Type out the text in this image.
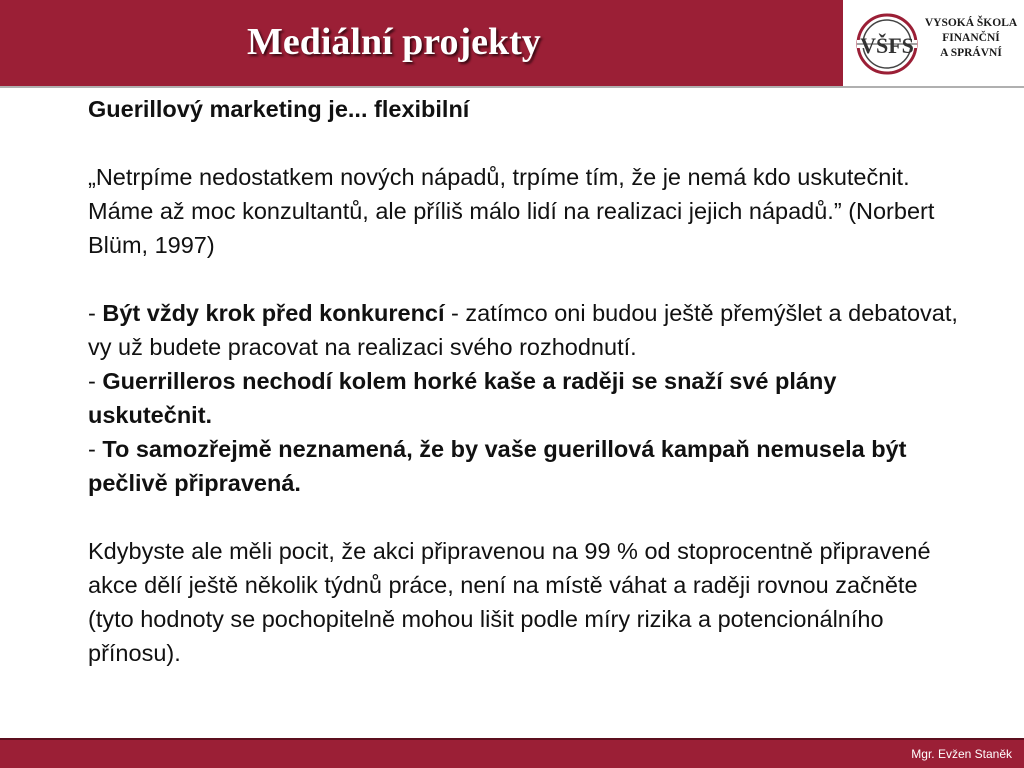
Mediální projekty	VŠFS
VYSOKÁ ŠKOLA
FINANČNÍ
A SPRÁVNÍ

Guerillový marketing je... flexibilní

„Netrpíme nedostatkem nových nápadů, trpíme tím, že je nemá kdo uskutečnit. Máme až moc konzultantů, ale příliš málo lidí na realizaci jejich nápadů.” (Norbert Blüm, 1997)

- Být vždy krok před konkurencí - zatímco oni budou ještě přemýšlet a debatovat, vy už budete pracovat na realizaci svého rozhodnutí.

- Guerrilleros nechodí kolem horké kaše a raději se snaží své plány uskutečnit.

- To samozřejmě neznamená, že by vaše guerillová kampaň nemusela být pečlivě připravená.

Kdybyste ale měli pocit, že akci připravenou na 99 % od stoprocentně připravené akce dělí ještě několik týdnů práce, není na místě váhat a raději rovnou začněte (tyto hodnoty se pochopitelně mohou lišit podle míry rizika a potencionálního přínosu).

Mgr. Evžen Staněk
